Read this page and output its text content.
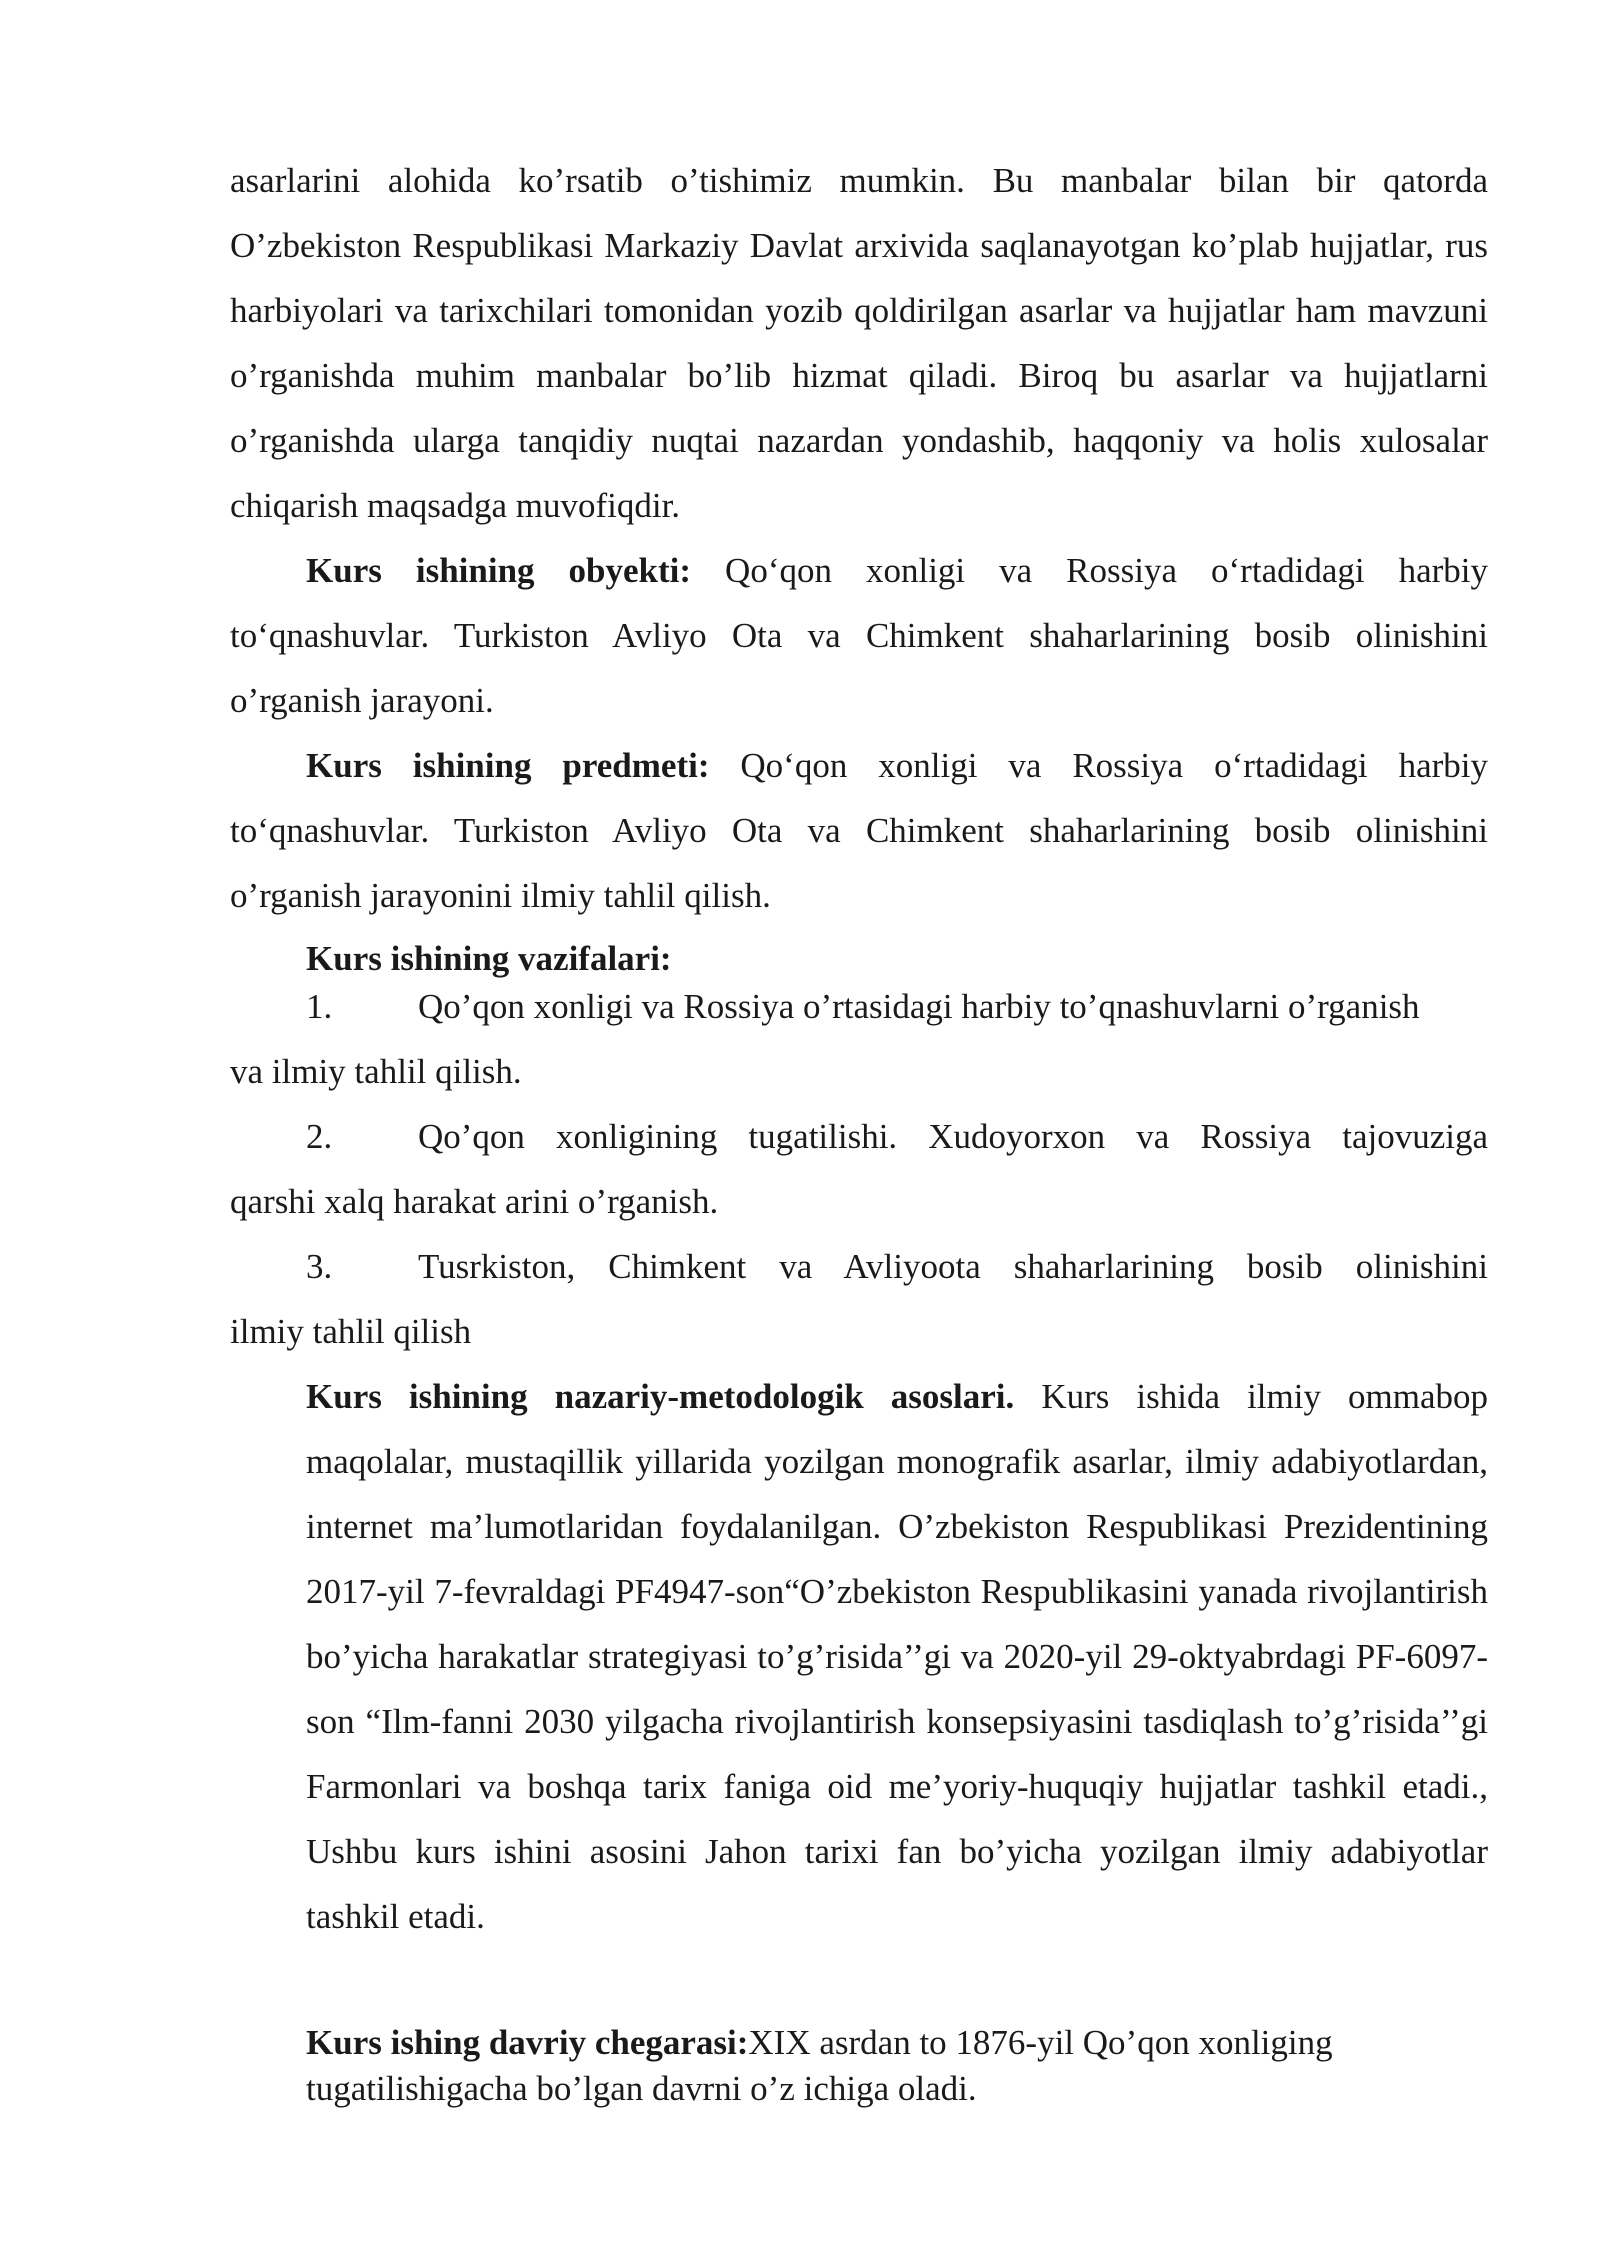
asarlarini alohida ko’rsatib o’tishimiz mumkin. Bu manbalar bilan bir qatorda O’zbekiston Respublikasi Markaziy Davlat arxivida saqlanayotgan ko’plab hujjatlar, rus harbiyolari va tarixchilari tomonidan yozib qoldirilgan asarlar va hujjatlar ham mavzuni o’rganishda muhim manbalar bo’lib hizmat qiladi. Biroq bu asarlar va hujjatlarni o’rganishda ularga tanqidiy nuqtai nazardan yondashib, haqqoniy va holis xulosalar chiqarish maqsadga muvofiqdir.

Kurs ishining obyekti: Qo‘qon xonligi va Rossiya o‘rtadidagi harbiy to‘qnashuvlar. Turkiston Avliyo Ota va Chimkent shaharlarining bosib olinishini o’rganish jarayoni.

Kurs ishining predmeti: Qo‘qon xonligi va Rossiya o‘rtadidagi harbiy to‘qnashuvlar. Turkiston Avliyo Ota va Chimkent shaharlarining bosib olinishini o’rganish jarayonini ilmiy tahlil qilish.

Kurs ishining vazifalari:
1. Qo’qon xonligi va Rossiya o’rtasidagi harbiy to’qnashuvlarni o’rganish
va ilmiy tahlil qilish.
2. Qo’qon xonligining tugatilishi. Xudoyorxon va Rossiya tajovuziga
qarshi xalq harakat arini o’rganish.
3. Tusrkiston, Chimkent va Avliyoota shaharlarining bosib olinishini
ilmiy tahlil qilish

Kurs ishining nazariy-metodologik asoslari. Kurs ishida ilmiy ommabop maqolalar, mustaqillik yillarida yozilgan monografik asarlar, ilmiy adabiyotlardan, internet ma’lumotlaridan foydalanilgan. O’zbekiston Respublikasi Prezidentining 2017-yil 7-fevraldagi PF4947-son“O’zbekiston Respublikasini yanada rivojlantirish bo’yicha harakatlar strategiyasi to’g’risida’’gi va 2020-yil 29-oktyabrdagi PF-6097-son “Ilm-fanni 2030 yilgacha rivojlantirish konsepsiyasini tasdiqlash to’g’risida’’gi Farmonlari va boshqa tarix faniga oid me’yoriy-huquqiy hujjatlar tashkil etadi., Ushbu kurs ishini asosini Jahon tarixi fan bo’yicha yozilgan ilmiy adabiyotlar tashkil etadi.

Kurs ishing davriy chegarasi:XIX asrdan to 1876-yil Qo’qon xonliging tugatilishigacha bo’lgan davrni o’z ichiga oladi.
